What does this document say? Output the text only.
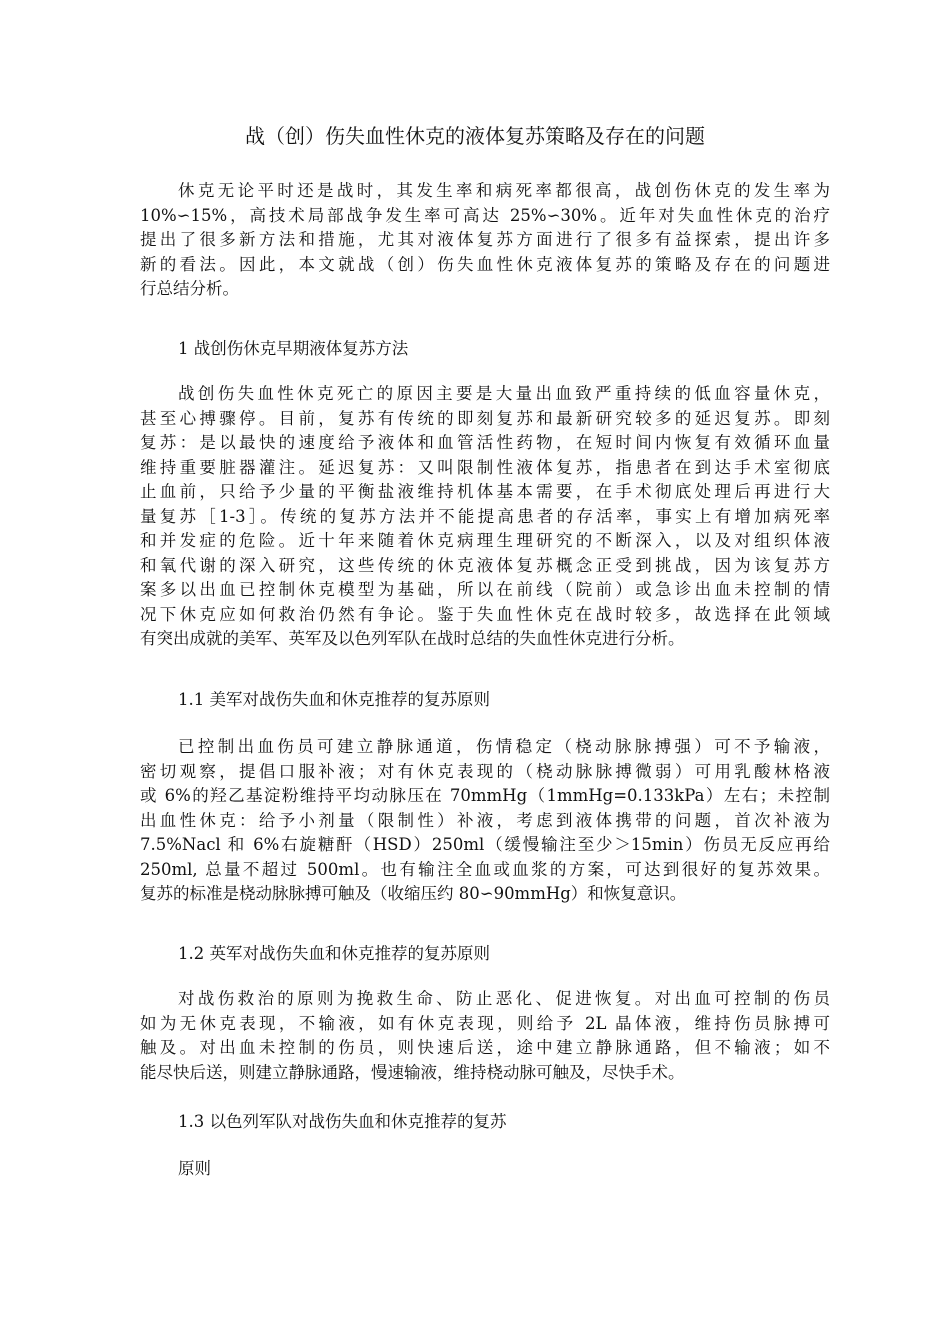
战（创）伤失血性休克的液体复苏策略及存在的问题
休克无论平时还是战时，其发生率和病死率都很高，战创伤休克的发生率为
10%∽15%，高技术局部战争发生率可高达 25%∽30%。近年对失血性休克的治疗
提出了很多新方法和措施，尤其对液体复苏方面进行了很多有益探索，提出许多
新的看法。因此，本文就战（创）伤失血性休克液体复苏的策略及存在的问题进
行总结分析。
1 战创伤休克早期液体复苏方法
战创伤失血性休克死亡的原因主要是大量出血致严重持续的低血容量休克，
甚至心搏骤停。目前，复苏有传统的即刻复苏和最新研究较多的延迟复苏。即刻
复苏：是以最快的速度给予液体和血管活性药物，在短时间内恢复有效循环血量
维持重要脏器灌注。延迟复苏：又叫限制性液体复苏，指患者在到达手术室彻底
止血前，只给予少量的平衡盐液维持机体基本需要，在手术彻底处理后再进行大
量复苏［1-3］。传统的复苏方法并不能提高患者的存活率，事实上有增加病死率
和并发症的危险。近十年来随着休克病理生理研究的不断深入，以及对组织体液
和氧代谢的深入研究，这些传统的休克液体复苏概念正受到挑战，因为该复苏方
案多以出血已控制休克模型为基础，所以在前线（院前）或急诊出血未控制的情
况下休克应如何救治仍然有争论。鉴于失血性休克在战时较多，故选择在此领域
有突出成就的美军、英军及以色列军队在战时总结的失血性休克进行分析。
1.1 美军对战伤失血和休克推荐的复苏原则
已控制出血伤员可建立静脉通道，伤情稳定（桡动脉脉搏强）可不予输液，
密切观察，提倡口服补液；对有休克表现的（桡动脉脉搏微弱）可用乳酸林格液
或 6%的羟乙基淀粉维持平均动脉压在 70mmHg（1mmHg=0.133kPa）左右；未控制
出血性休克：给予小剂量（限制性）补液，考虑到液体携带的问题，首次补液为
7.5%Nacl 和 6%右旋糖酐（HSD）250ml（缓慢输注至少＞15min）伤员无反应再给
250ml, 总量不超过 500ml。也有输注全血或血浆的方案，可达到很好的复苏效果。
复苏的标准是桡动脉脉搏可触及（收缩压约 80∽90mmHg）和恢复意识。
1.2 英军对战伤失血和休克推荐的复苏原则
对战伤救治的原则为挽救生命、防止恶化、促进恢复。对出血可控制的伤员
如为无休克表现，不输液，如有休克表现，则给予 2L 晶体液，维持伤员脉搏可
触及。对出血未控制的伤员，则快速后送，途中建立静脉通路，但不输液；如不
能尽快后送，则建立静脉通路，慢速输液，维持桡动脉可触及，尽快手术。
1.3 以色列军队对战伤失血和休克推荐的复苏
原则
